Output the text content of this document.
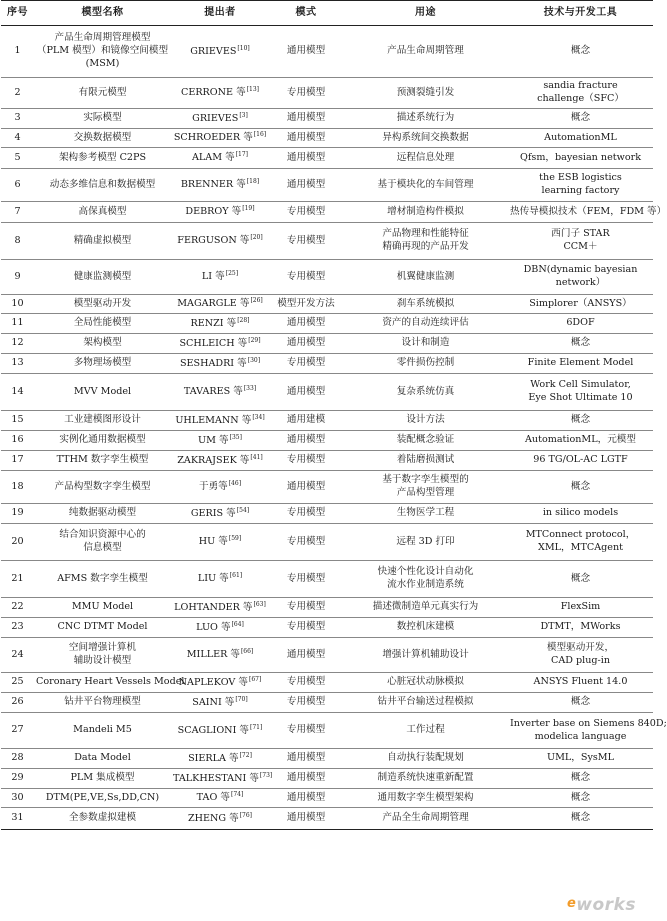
序号	模型名称	提出者	模式	用途	技术与开发工具
1	产品生命周期管理模型
（PLM 模型）和镜像空间模型
(MSM)	GRIEVES[10]	通用模型	产品生命周期管理	概念

2	有限元模型	CERRONE 等[13]	专用模型	预测裂缝引发	sandia fracture
challenge（SFC）

3	实际模型	GRIEVES[3]	通用模型	描述系统行为	概念

4	交换数据模型	SCHROEDER 等[16]	通用模型	异构系统间交换数据	AutomationML

5	架构参考模型 C2PS	ALAM 等[17]	通用模型	远程信息处理	Qfsm，bayesian network

6	动态多维信息和数据模型	BRENNER 等[18]	通用模型	基于模块化的车间管理	the ESB logistics
learning factory

7	高保真模型	DEBROY 等[19]	专用模型	增材制造构件模拟	热传导模拟技术（FEM，FDM 等）

8	精确虚拟模型	FERGUSON 等[20]	专用模型	产品物理和性能特征
精确再现的产品开发	西门子 STAR
CCM＋

9	健康监测模型	LI 等[25]	专用模型	机翼健康监测	DBN(dynamic bayesian
network）

10	模型驱动开发	MAGARGLE 等[26]	模型开发方法	刹车系统模拟	Simplorer（ANSYS）

11	全局性能模型	RENZI 等[28]	通用模型	资产的自动连续评估	6DOF

12	架构模型	SCHLEICH 等[29]	通用模型	设计和制造	概念

13	多物理场模型	SESHADRI 等[30]	专用模型	零件损伤控制	Finite Element Model

14	MVV Model	TAVARES 等[33]	通用模型	复杂系统仿真	Work Cell Simulator,
Eye Shot Ultimate 10

15	工业建模图形设计	UHLEMANN 等[34]	通用建模	设计方法	概念

16	实例化通用数据模型	UM 等[35]	通用模型	装配概念验证	AutomationML，元模型

17	TTHM 数字孪生模型	ZAKRAJSEK 等[41]	专用模型	着陆磨损测试	96 TG/OL-AC LGTF

18	产品构型数字孪生模型	于勇等[46]	通用模型	基于数字孪生模型的
产品构型管理	概念

19	纯数据驱动模型	GERIS 等[54]	专用模型	生物医学工程	in silico models

20	结合知识资源中心的
信息模型	HU 等[59]	专用模型	远程 3D 打印	MTConnect protocol，
XML，MTCAgent

21	AFMS 数字孪生模型	LIU 等[61]	专用模型	快速个性化设计自动化
流水作业制造系统	概念

22	MMU Model	LOHTANDER 等[63]	专用模型	描述微制造单元真实行为	FlexSim

23	CNC DTMT Model	LUO 等[64]	专用模型	数控机床建模	DTMT，MWorks

24	空间增强计算机
辅助设计模型	MILLER 等[66]	通用模型	增强计算机辅助设计	模型驱动开发，
CAD plug-in

25	Coronary Heart Vessels Model	NAPLEKOV 等[67]	专用模型	心脏冠状动脉模拟	ANSYS Fluent 14.0

26	钻井平台物理模型	SAINI 等[70]	专用模型	钻井平台输送过程模拟	概念

27	Mandeli M5	SCAGLIONI 等[71]	专用模型	工作过程	Inverter base on Siemens 840D;
modelica language

28	Data Model	SIERLA 等[72]	通用模型	自动执行装配规划	UML，SysML

29	PLM 集成模型	TALKHESTANI 等[73]	通用模型	制造系统快速重新配置	概念

30	DTM(PE,VE,Ss,DD,CN)	TAO 等[74]	通用模型	通用数字孪生模型架构	概念

31	全参数虚拟建模	ZHENG 等[76]	通用模型	产品全生命周期管理	概念
eworks
